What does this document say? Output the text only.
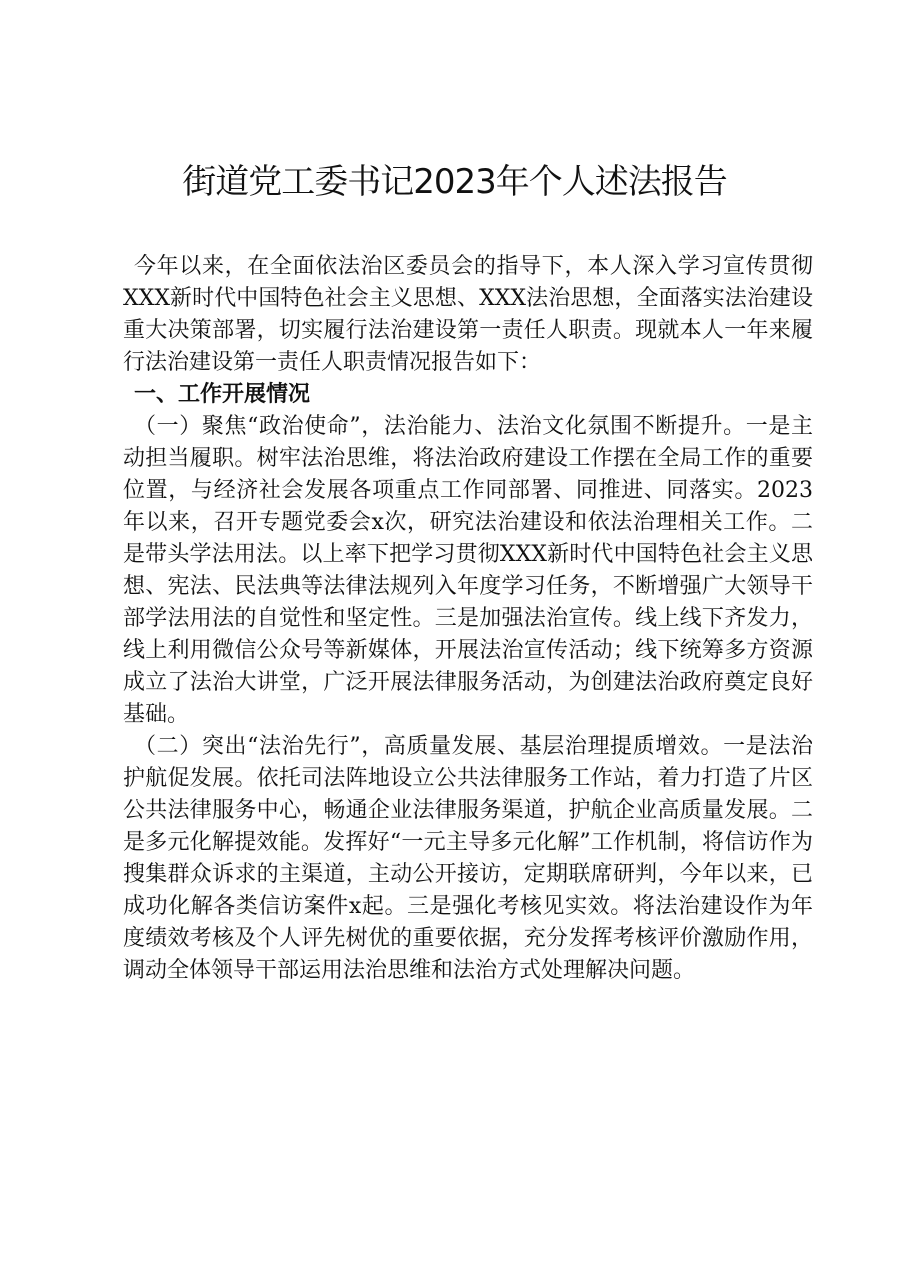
街道党工委书记2023年个人述法报告

今年以来，在全面依法治区委员会的指导下，本人深入学习宣传贯彻XXX新时代中国特色社会主义思想、XXX法治思想，全面落实法治建设重大决策部署，切实履行法治建设第一责任人职责。现就本人一年来履行法治建设第一责任人职责情况报告如下：

一、工作开展情况

（一）聚焦“政治使命”，法治能力、法治文化氛围不断提升。一是主动担当履职。树牢法治思维，将法治政府建设工作摆在全局工作的重要位置，与经济社会发展各项重点工作同部署、同推进、同落实。2023年以来，召开专题党委会x次，研究法治建设和依法治理相关工作。二是带头学法用法。以上率下把学习贯彻XXX新时代中国特色社会主义思想、宪法、民法典等法律法规列入年度学习任务，不断增强广大领导干部学法用法的自觉性和坚定性。三是加强法治宣传。线上线下齐发力，线上利用微信公众号等新媒体，开展法治宣传活动；线下统筹多方资源成立了法治大讲堂，广泛开展法律服务活动，为创建法治政府奠定良好基础。

（二）突出“法治先行”，高质量发展、基层治理提质增效。一是法治护航促发展。依托司法阵地设立公共法律服务工作站，着力打造了片区公共法律服务中心，畅通企业法律服务渠道，护航企业高质量发展。二是多元化解提效能。发挥好“一元主导多元化解”工作机制，将信访作为搜集群众诉求的主渠道，主动公开接访，定期联席研判，今年以来，已成功化解各类信访案件x起。三是强化考核见实效。将法治建设作为年度绩效考核及个人评先树优的重要依据，充分发挥考核评价激励作用，调动全体领导干部运用法治思维和法治方式处理解决问题。
